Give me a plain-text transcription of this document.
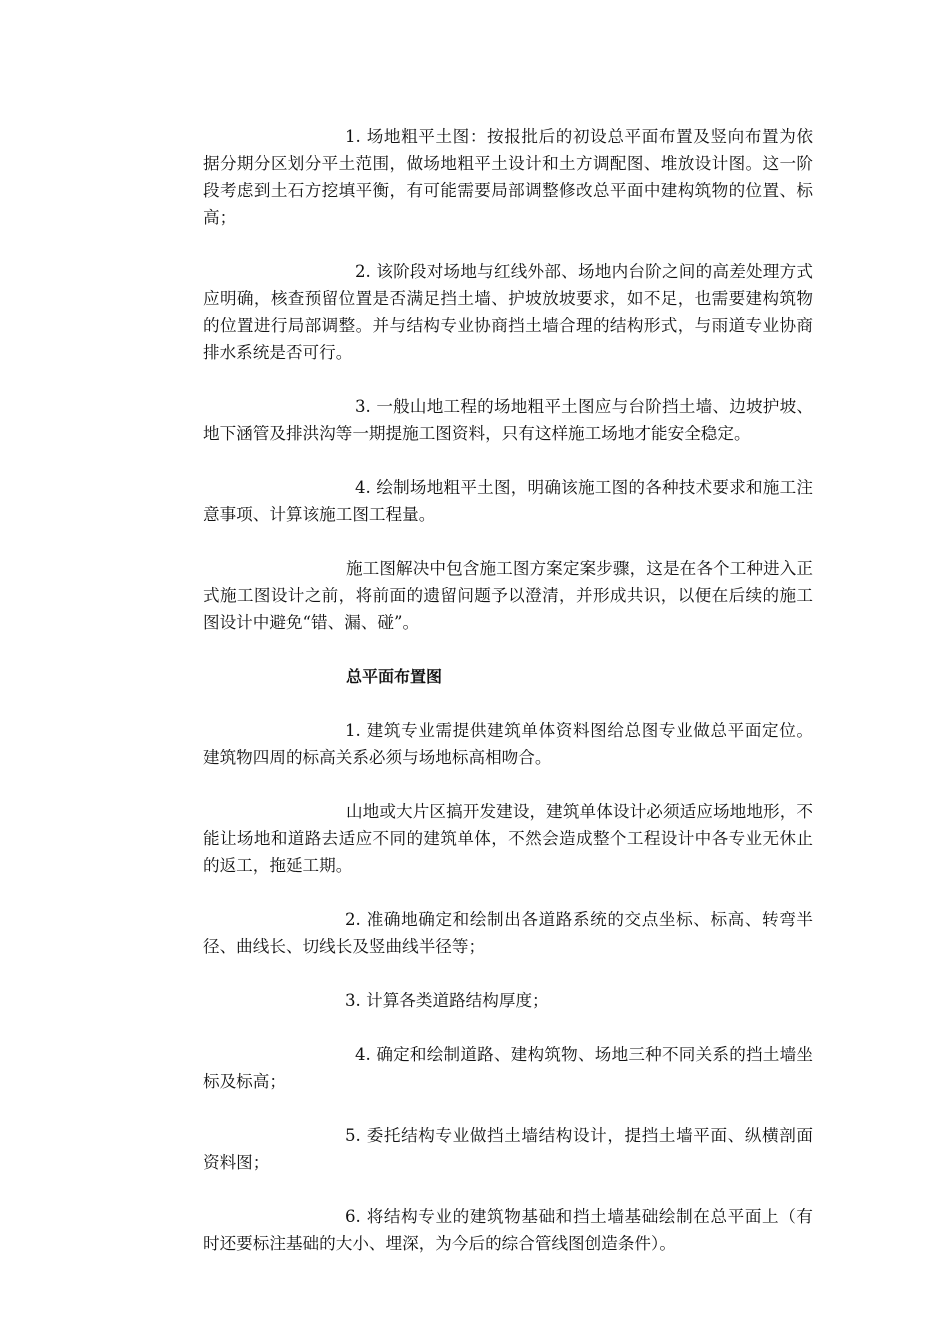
1. 场地粗平土图：按报批后的初设总平面布置及竖向布置为依据分期分区划分平土范围，做场地粗平土设计和土方调配图、堆放设计图。这一阶段考虑到土石方挖填平衡，有可能需要局部调整修改总平面中建构筑物的位置、标高；

2. 该阶段对场地与红线外部、场地内台阶之间的高差处理方式应明确，核查预留位置是否满足挡土墙、护坡放坡要求，如不足，也需要建构筑物的位置进行局部调整。并与结构专业协商挡土墙合理的结构形式，与雨道专业协商排水系统是否可行。

3. 一般山地工程的场地粗平土图应与台阶挡土墙、边坡护坡、地下涵管及排洪沟等一期提施工图资料，只有这样施工场地才能安全稳定。

4. 绘制场地粗平土图，明确该施工图的各种技术要求和施工注意事项、计算该施工图工程量。

施工图解决中包含施工图方案定案步骤，这是在各个工种进入正式施工图设计之前，将前面的遗留问题予以澄清，并形成共识，以便在后续的施工图设计中避免“错、漏、碰”。

总平面布置图

1. 建筑专业需提供建筑单体资料图给总图专业做总平面定位。建筑物四周的标高关系必须与场地标高相吻合。

山地或大片区搞开发建设，建筑单体设计必须适应场地地形，不能让场地和道路去适应不同的建筑单体，不然会造成整个工程设计中各专业无休止的返工，拖延工期。

2. 准确地确定和绘制出各道路系统的交点坐标、标高、转弯半径、曲线长、切线长及竖曲线半径等；

3. 计算各类道路结构厚度；

4. 确定和绘制道路、建构筑物、场地三种不同关系的挡土墙坐标及标高；

5. 委托结构专业做挡土墙结构设计，提挡土墙平面、纵横剖面资料图；

6. 将结构专业的建筑物基础和挡土墙基础绘制在总平面上（有时还要标注基础的大小、埋深，为今后的综合管线图创造条件）。
